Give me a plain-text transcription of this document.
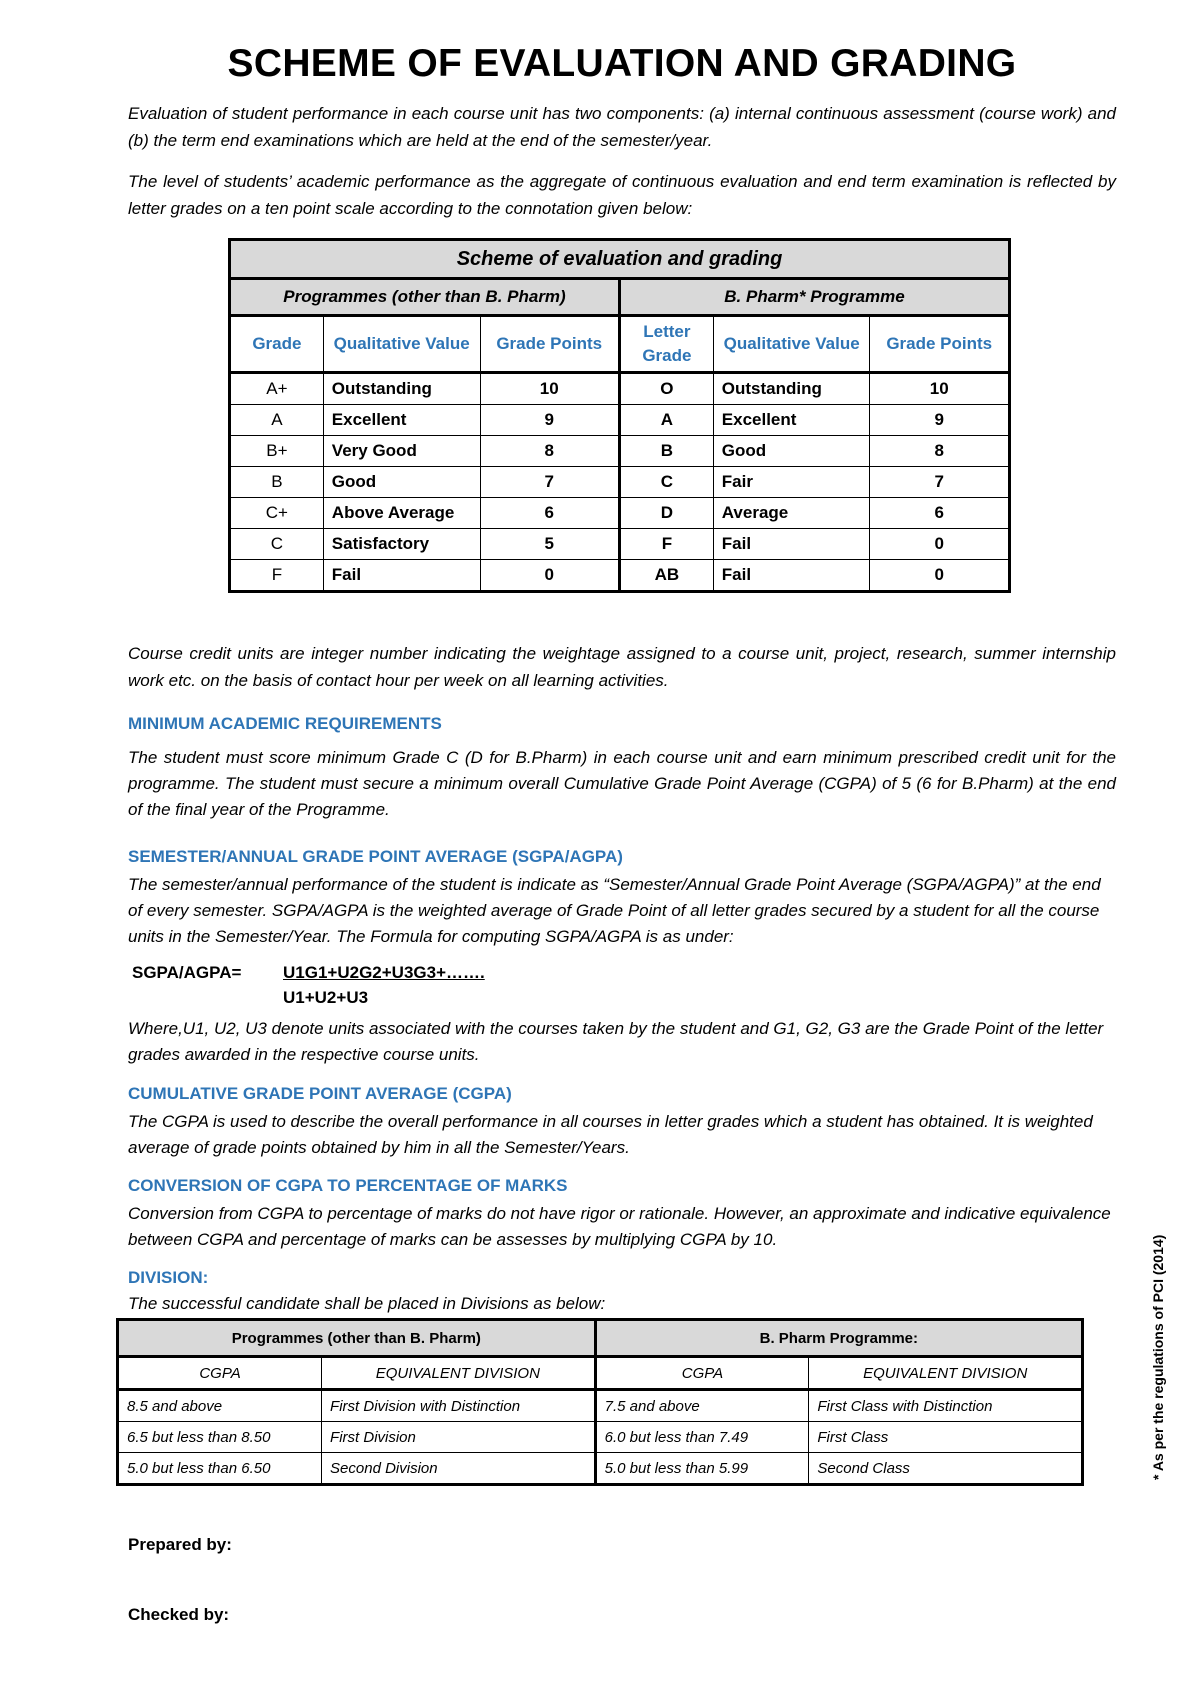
SCHEME OF EVALUATION AND GRADING
Evaluation of student performance in each course unit has two components: (a) internal continuous assessment (course work) and (b) the term end examinations which are held at the end of the semester/year.
The level of students’ academic performance as the aggregate of continuous evaluation and end term examination is reflected by letter grades on a ten point scale according to the connotation given below:
Scheme of evaluation and grading					
Programmes (other than B. Pharm)			B. Pharm* Programme		
Grade	Qualitative Value	Grade Points	Letter Grade	Qualitative Value	Grade Points
A+	Outstanding	10	O	Outstanding	10
A	Excellent	9	A	Excellent	9
B+	Very Good	8	B	Good	8
B	Good	7	C	Fair	7
C+	Above Average	6	D	Average	6
C	Satisfactory	5	F	Fail	0
F	Fail	0	AB	Fail	0
Course credit units are integer number indicating the weightage assigned to a course unit, project, research, summer internship work etc. on the basis of contact hour per week on all learning activities.
MINIMUM ACADEMIC REQUIREMENTS
The student must score minimum Grade C (D for B.Pharm) in each course unit and earn minimum prescribed credit unit for the programme. The student must secure a minimum overall Cumulative Grade Point Average (CGPA) of 5 (6 for B.Pharm) at the end of the final year of the Programme.
SEMESTER/ANNUAL GRADE POINT AVERAGE (SGPA/AGPA)
The semester/annual performance of the student is indicate as “Semester/Annual Grade Point Average (SGPA/AGPA)” at the end of every semester. SGPA/AGPA is the weighted average of Grade Point of all letter grades secured by a student for all the course units in the Semester/Year. The Formula for computing SGPA/AGPA is as under:
SGPA/AGPA= U1G1+U2G2+U3G3+…….
U1+U2+U3
Where,U1, U2, U3 denote units associated with the courses taken by the student and G1, G2, G3 are the Grade Point of the letter grades awarded in the respective course units.
CUMULATIVE GRADE POINT AVERAGE (CGPA)
The CGPA is used to describe the overall performance in all courses in letter grades which a student has obtained. It is weighted average of grade points obtained by him in all the Semester/Years.
CONVERSION OF CGPA TO PERCENTAGE OF MARKS
Conversion from CGPA to percentage of marks do not have rigor or rationale. However, an approximate and indicative equivalence between CGPA and percentage of marks can be assesses by multiplying CGPA by 10.
DIVISION:
The successful candidate shall be placed in Divisions as below:
Programmes (other than B. Pharm)		B. Pharm Programme:	
CGPA	EQUIVALENT DIVISION	CGPA	EQUIVALENT DIVISION
8.5 and above	First Division with Distinction	7.5 and above	First Class with Distinction
6.5 but less than 8.50	First Division	6.0 but less than 7.49	First Class
5.0 but less than 6.50	Second Division	5.0 but less than 5.99	Second Class
Prepared by:
Checked by:
* As per the regulations of PCI (2014)
